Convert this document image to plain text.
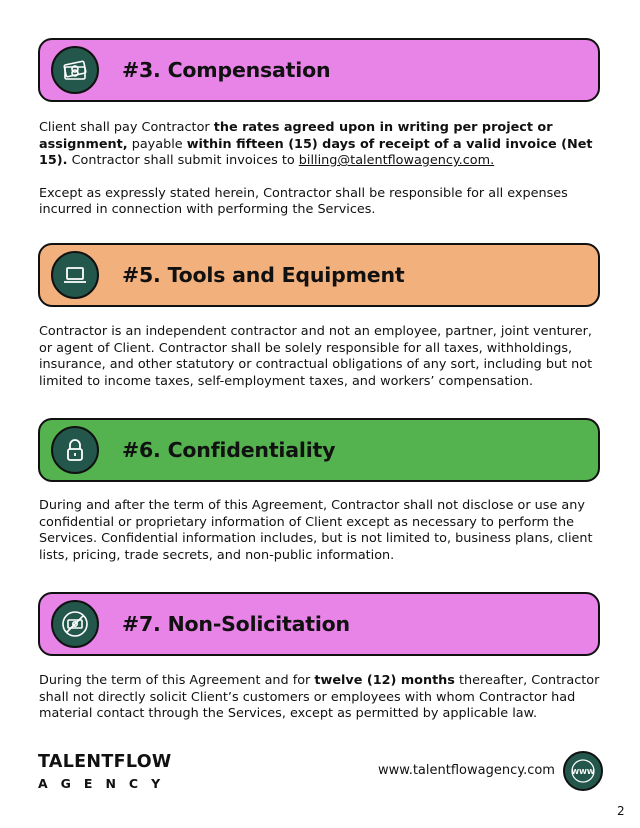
#3. Compensation

Client shall pay Contractor the rates agreed upon in writing per project or assignment, payable within fifteen (15) days of receipt of a valid invoice (Net 15). Contractor shall submit invoices to billing@talentflowagency.com.

Except as expressly stated herein, Contractor shall be responsible for all expenses incurred in connection with performing the Services.

#5. Tools and Equipment

Contractor is an independent contractor and not an employee, partner, joint venturer, or agent of Client. Contractor shall be solely responsible for all taxes, withholdings, insurance, and other statutory or contractual obligations of any sort, including but not limited to income taxes, self-employment taxes, and workers’ compensation.

#6. Confidentiality

During and after the term of this Agreement, Contractor shall not disclose or use any confidential or proprietary information of Client except as necessary to perform the Services. Confidential information includes, but is not limited to, business plans, client lists, pricing, trade secrets, and non-public information.

#7. Non-Solicitation

During the term of this Agreement and for twelve (12) months thereafter, Contractor shall not directly solicit Client’s customers or employees with whom Contractor had material contact through the Services, except as permitted by applicable law.

TALENTFLOW
AGENCY
www.talentflowagency.com WWW
2
